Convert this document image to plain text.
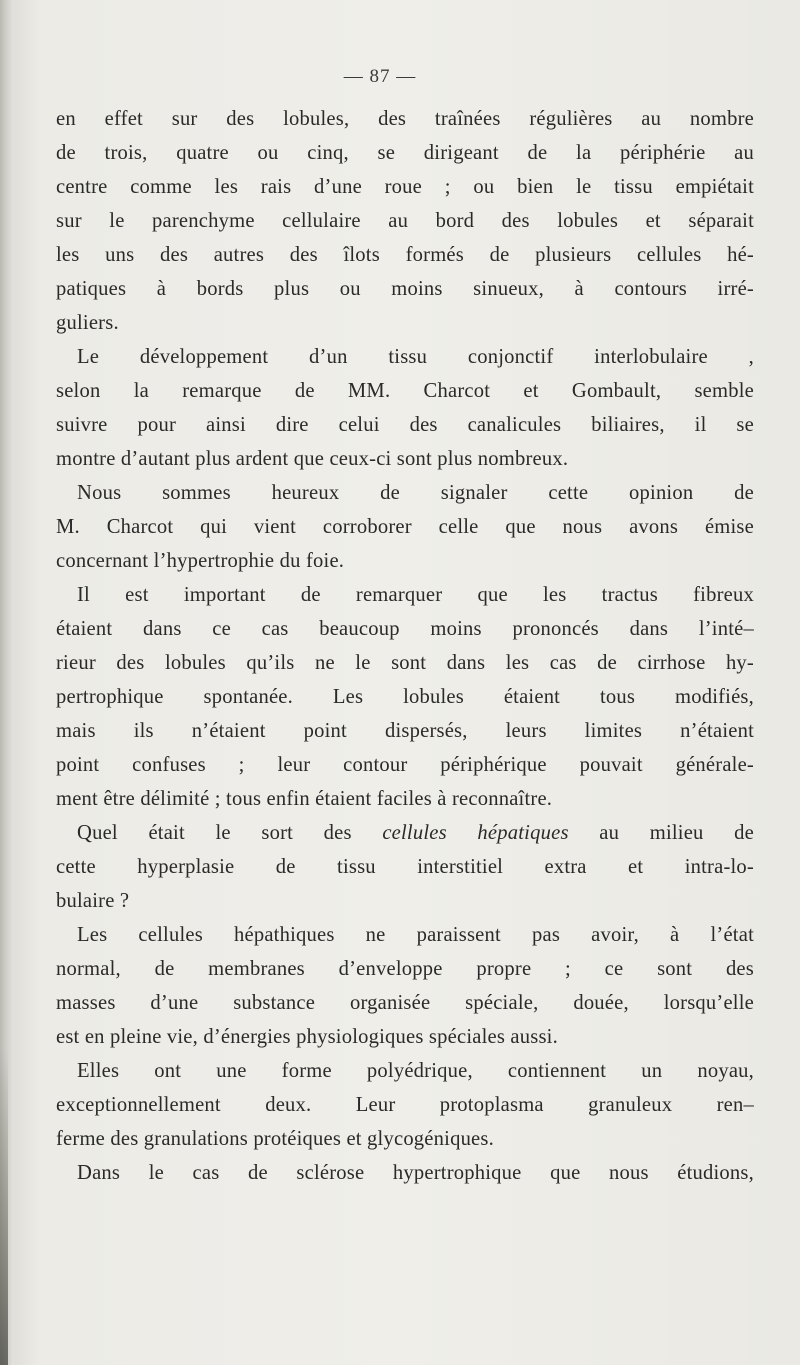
— 87 —
en effet sur des lobules, des traînées régulières au nombre
de trois, quatre ou cinq, se dirigeant de la périphérie au
centre comme les rais d’une roue ; ou bien le tissu empiétait
sur le parenchyme cellulaire au bord des lobules et séparait
les uns des autres des îlots formés de plusieurs cellules hé-
patiques à bords plus ou moins sinueux, à contours irré-
guliers.
Le développement d’un tissu conjonctif interlobulaire ,
selon la remarque de MM. Charcot et Gombault, semble
suivre pour ainsi dire celui des canalicules biliaires, il se
montre d’autant plus ardent que ceux-ci sont plus nombreux.
Nous sommes heureux de signaler cette opinion de
M. Charcot qui vient corroborer celle que nous avons émise
concernant l’hypertrophie du foie.
Il est important de remarquer que les tractus fibreux
étaient dans ce cas beaucoup moins prononcés dans l’inté–
rieur des lobules qu’ils ne le sont dans les cas de cirrhose hy-
pertrophique spontanée. Les lobules étaient tous modifiés,
mais ils n’étaient point dispersés, leurs limites n’étaient
point confuses ; leur contour périphérique pouvait générale-
ment être délimité ; tous enfin étaient faciles à reconnaître.
Quel était le sort des cellules hépatiques au milieu de
cette hyperplasie de tissu interstitiel extra et intra-lo-
bulaire ?
Les cellules hépathiques ne paraissent pas avoir, à l’état
normal, de membranes d’enveloppe propre ; ce sont des
masses d’une substance organisée spéciale, douée, lorsqu’elle
est en pleine vie, d’énergies physiologiques spéciales aussi.
Elles ont une forme polyédrique, contiennent un noyau,
exceptionnellement deux. Leur protoplasma granuleux ren–
ferme des granulations protéiques et glycogéniques.
Dans le cas de sclérose hypertrophique que nous étudions,
